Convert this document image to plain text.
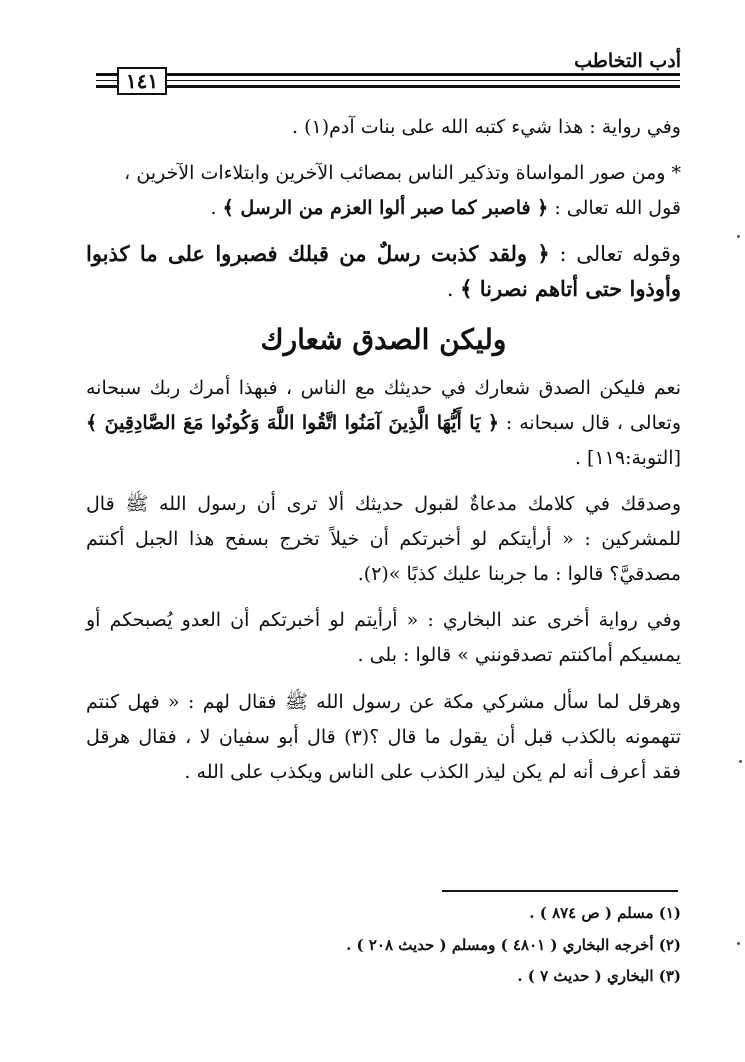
أدب التخاطب
١٤١

وفي رواية : هذا شيء كتبه الله على بنات آدم(١) .

* ومن صور المواساة وتذكير الناس بمصائب الآخرين وابتلاءات الآخرين ،

قول الله تعالى : ﴿ فاصبر كما صبر ألوا العزم من الرسل ﴾ .

وقوله تعالى : ﴿ ولقد كذبت رسلٌ من قبلك فصبروا على ما كذبوا وأوذوا حتى أتاهم نصرنا ﴾ .

وليكن الصدق شعارك

نعم فليكن الصدق شعارك في حديثك مع الناس ، فبهذا أمرك ربك سبحانه وتعالى ، قال سبحانه : ﴿ يَا أَيُّهَا الَّذِينَ آمَنُوا اتَّقُوا اللَّهَ وَكُونُوا مَعَ الصَّادِقِينَ ﴾ [التوبة:١١٩] .

وصدقك في كلامك مدعاةٌ لقبول حديثك ألا ترى أن رسول الله ﷺ قال للمشركين : « أرأيتكم لو أخبرتكم أن خيلاً تخرج بسفح هذا الجبل أكنتم مصدقيَّ؟ قالوا : ما جربنا عليك كذبًا »(٢).

وفي رواية أخرى عند البخاري : « أرأيتم لو أخبرتكم أن العدو يُصبحكم أو يمسيكم أماكنتم تصدقونني » قالوا : بلى .

وهرقل لما سأل مشركي مكة عن رسول الله ﷺ فقال لهم : « فهل كنتم تتهمونه بالكذب قبل أن يقول ما قال ؟(٣) قال أبو سفيان لا ، فقال هرقل فقد أعرف أنه لم يكن ليذر الكذب على الناس ويكذب على الله .

(١) مسلم ( ص ٨٧٤ ) .
(٢) أخرجه البخاري ( ٤٨٠١ ) ومسلم ( حديث ٢٠٨ ) .
(٣) البخاري ( حديث ٧ ) .
